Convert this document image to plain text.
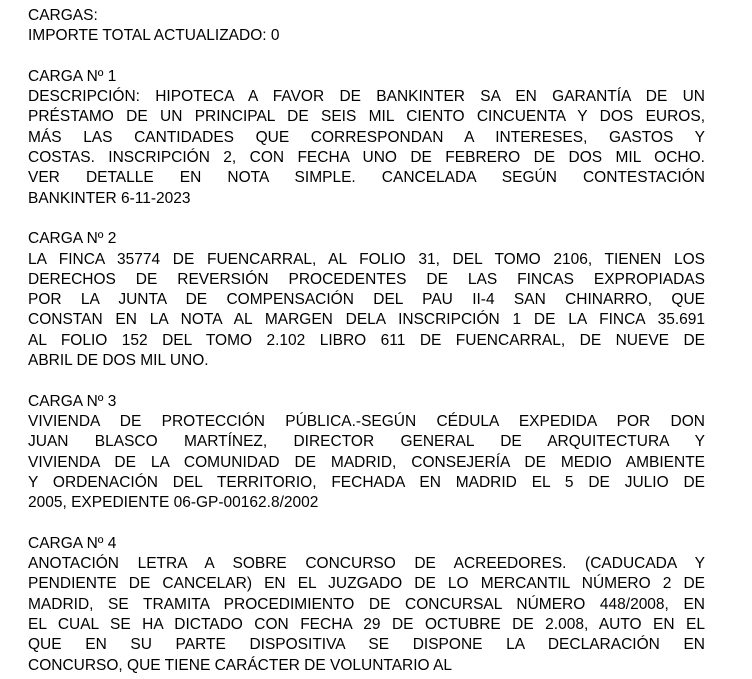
CARGAS:
IMPORTE TOTAL ACTUALIZADO: 0
CARGA Nº 1
DESCRIPCIÓN: HIPOTECA A FAVOR DE BANKINTER SA EN GARANTÍA DE UN
PRÉSTAMO DE UN PRINCIPAL DE SEIS MIL CIENTO CINCUENTA Y DOS EUROS,
MÁS LAS CANTIDADES QUE CORRESPONDAN A INTERESES, GASTOS Y
COSTAS. INSCRIPCIÓN 2, CON FECHA UNO DE FEBRERO DE DOS MIL OCHO.
VER DETALLE EN NOTA SIMPLE. CANCELADA SEGÚN CONTESTACIÓN
BANKINTER 6-11-2023
CARGA Nº 2
LA FINCA 35774 DE FUENCARRAL, AL FOLIO 31, DEL TOMO 2106, TIENEN LOS
DERECHOS DE REVERSIÓN PROCEDENTES DE LAS FINCAS EXPROPIADAS
POR LA JUNTA DE COMPENSACIÓN DEL PAU II-4 SAN CHINARRO, QUE
CONSTAN EN LA NOTA AL MARGEN DELA INSCRIPCIÓN 1 DE LA FINCA 35.691
AL FOLIO 152 DEL TOMO 2.102 LIBRO 611 DE FUENCARRAL, DE NUEVE DE
ABRIL DE DOS MIL UNO.
CARGA Nº 3
VIVIENDA DE PROTECCIÓN PÚBLICA.-SEGÚN CÉDULA EXPEDIDA POR DON
JUAN BLASCO MARTÍNEZ, DIRECTOR GENERAL DE ARQUITECTURA Y
VIVIENDA DE LA COMUNIDAD DE MADRID, CONSEJERÍA DE MEDIO AMBIENTE
Y ORDENACIÓN DEL TERRITORIO, FECHADA EN MADRID EL 5 DE JULIO DE
2005, EXPEDIENTE 06-GP-00162.8/2002
CARGA Nº 4
ANOTACIÓN LETRA A SOBRE CONCURSO DE ACREEDORES. (CADUCADA Y
PENDIENTE DE CANCELAR) EN EL JUZGADO DE LO MERCANTIL NÚMERO 2 DE
MADRID, SE TRAMITA PROCEDIMIENTO DE CONCURSAL NÚMERO 448/2008, EN
EL CUAL SE HA DICTADO CON FECHA 29 DE OCTUBRE DE 2.008, AUTO EN EL
QUE EN SU PARTE DISPOSITIVA SE DISPONE LA DECLARACIÓN EN
CONCURSO, QUE TIENE CARÁCTER DE VOLUNTARIO AL
